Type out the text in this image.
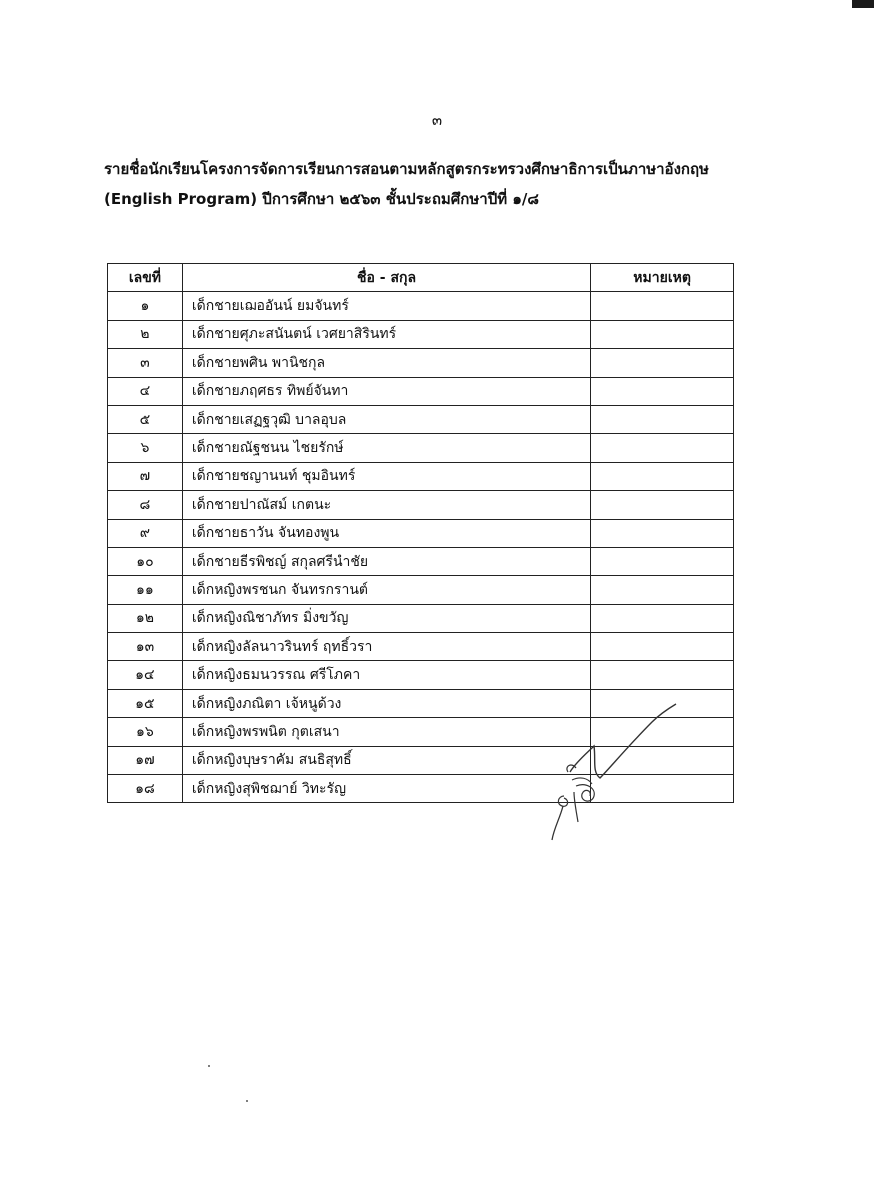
๓
รายชื่อนักเรียนโครงการจัดการเรียนการสอนตามหลักสูตรกระทรวงศึกษาธิการเป็นภาษาอังกฤษ
(English Program) ปีการศึกษา ๒๕๖๓ ชั้นประถมศึกษาปีที่ ๑/๘
เลขที่	ชื่อ - สกุล	หมายเหตุ
๑	เด็กชายเฌออันน์ ยมจันทร์	
๒	เด็กชายศุภะสนันตน์ เวศยาสิรินทร์	
๓	เด็กชายพศิน พานิชกุล	
๔	เด็กชายภฤศธร ทิพย์จันทา	
๕	เด็กชายเสฏฐวุฒิ บาลอุบล	
๖	เด็กชายณัฐชนน ไชยรักษ์	
๗	เด็กชายชญานนท์ ชุมอินทร์	
๘	เด็กชายปาณัสม์ เกตนะ	
๙	เด็กชายธาวัน จันทองพูน	
๑๐	เด็กชายธีรพิชญ์ สกุลศรีนำชัย	
๑๑	เด็กหญิงพรชนก จันทรกรานต์	
๑๒	เด็กหญิงณิชาภัทร มิ่งขวัญ	
๑๓	เด็กหญิงลัลนาวรินทร์ ฤทธิ์วรา	
๑๔	เด็กหญิงธมนวรรณ ศรีโภคา	
๑๕	เด็กหญิงภณิตา เจ้หนูด้วง	
๑๖	เด็กหญิงพรพนิต กุตเสนา	
๑๗	เด็กหญิงบุษราคัม สนธิสุทธิ์	
๑๘	เด็กหญิงสุพิชฌาย์ วิทะรัญ	
